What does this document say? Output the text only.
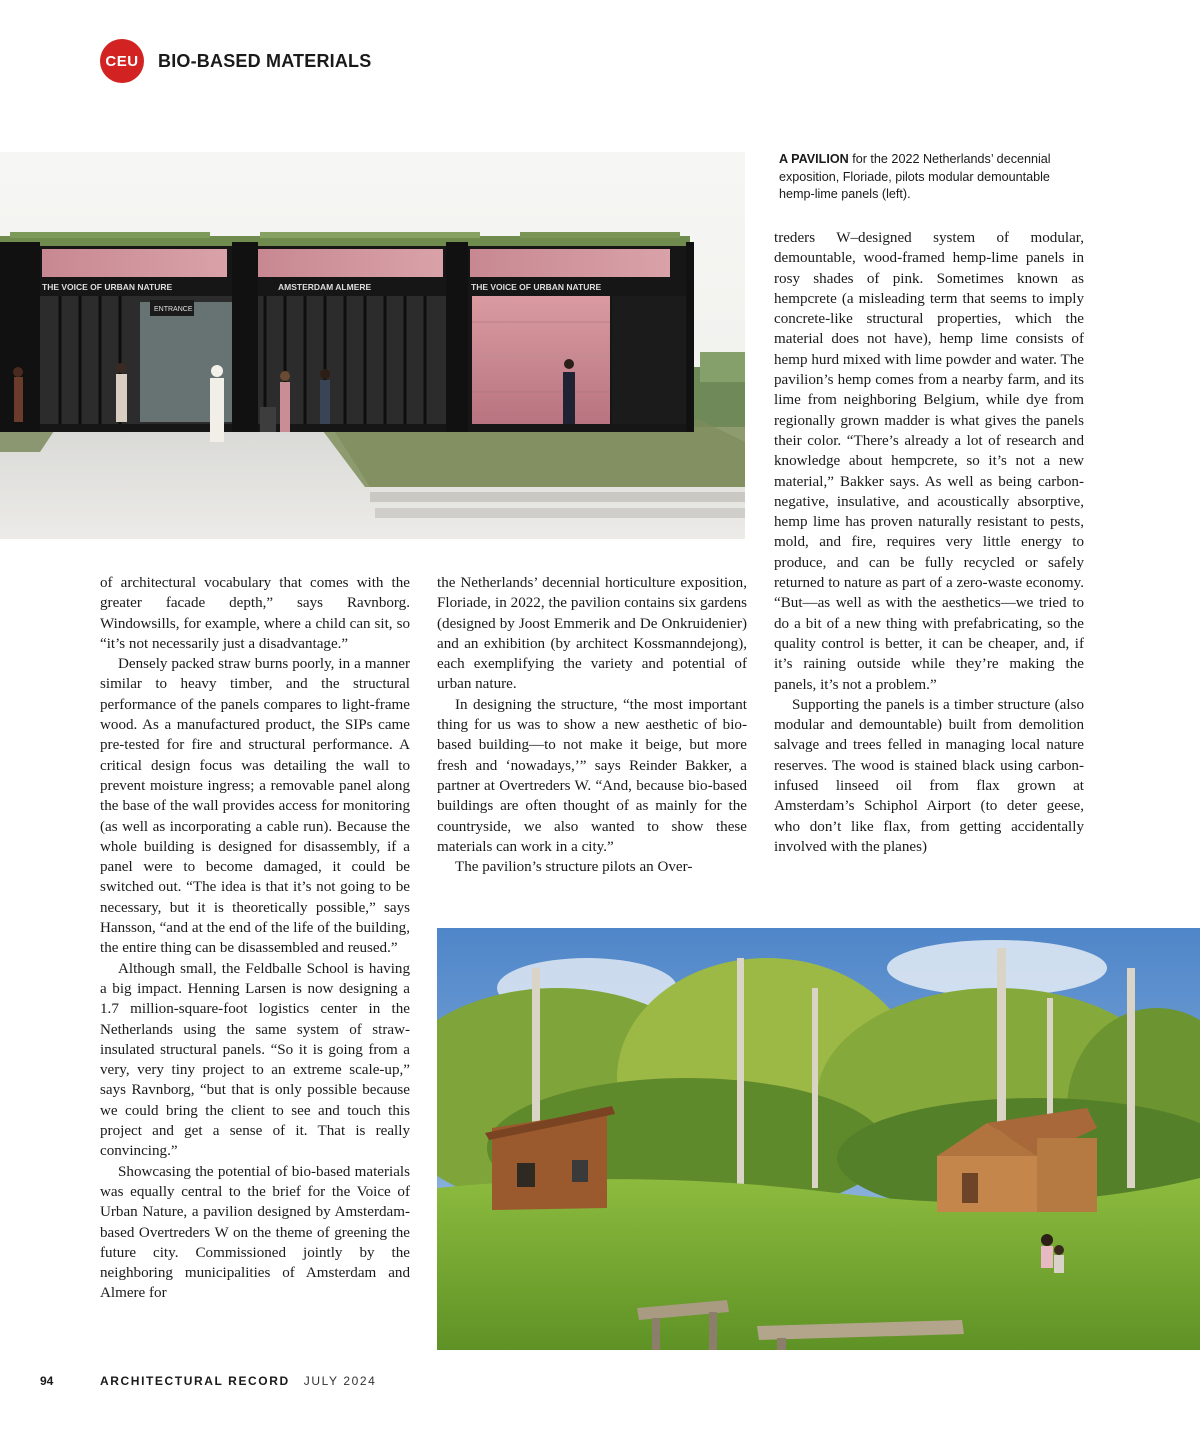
CEU	BIO-BASED MATERIALS
A PAVILION for the 2022 Netherlands’ decennial exposition, Floriade, pilots modular demountable hemp-lime panels (left).
THE VOICE OF URBAN NATURE	AMSTERDAM ALMERE	THE VOICE OF URBAN NATURE
ENTRANCE

of architectural vocabulary that comes with the greater facade depth,” says Ravnborg. Windowsills, for example, where a child can sit, so “it’s not necessarily just a disadvantage.”

Densely packed straw burns poorly, in a manner similar to heavy timber, and the structural performance of the panels compares to light-frame wood. As a manufactured product, the SIPs came pre-tested for fire and structural performance. A critical design focus was detailing the wall to prevent moisture ingress; a removable panel along the base of the wall provides access for monitoring (as well as incorporating a cable run). Because the whole building is designed for disassembly, if a panel were to become damaged, it could be switched out. “The idea is that it’s not going to be necessary, but it is theoretically possible,” says Hansson, “and at the end of the life of the building, the entire thing can be disassembled and reused.”

Although small, the Feldballe School is having a big impact. Henning Larsen is now designing a 1.7 million-square-foot logistics center in the Netherlands using the same system of straw-insulated structural panels. “So it is going from a very, very tiny project to an extreme scale-up,” says Ravnborg, “but that is only possible because we could bring the client to see and touch this project and get a sense of it. That is really convincing.”

Showcasing the potential of bio-based materials was equally central to the brief for the Voice of Urban Nature, a pavilion designed by Amsterdam-based Overtreders W on the theme of greening the future city. Commissioned jointly by the neighboring municipalities of Amsterdam and Almere for

the Netherlands’ decennial horticulture exposition, Floriade, in 2022, the pavilion contains six gardens (designed by Joost Emmerik and De Onkruidenier) and an exhibition (by architect Kossmanndejong), each exemplifying the variety and potential of urban nature.

In designing the structure, “the most important thing for us was to show a new aesthetic of bio-based building—to not make it beige, but more fresh and ‘nowadays,’” says Reinder Bakker, a partner at Overtreders W. “And, because bio-based buildings are often thought of as mainly for the countryside, we also wanted to show these materials can work in a city.”

The pavilion’s structure pilots an Over-

treders W–designed system of modular, demountable, wood-framed hemp-lime panels in rosy shades of pink. Sometimes known as hempcrete (a misleading term that seems to imply concrete-like structural properties, which the material does not have), hemp lime consists of hemp hurd mixed with lime powder and water. The pavilion’s hemp comes from a nearby farm, and its lime from neighboring Belgium, while dye from regionally grown madder is what gives the panels their color. “There’s already a lot of research and knowledge about hempcrete, so it’s not a new material,” Bakker says. As well as being carbon-negative, insulative, and acoustically absorptive, hemp lime has proven naturally resistant to pests, mold, and fire, requires very little energy to produce, and can be fully recycled or safely returned to nature as part of a zero-waste economy. “But—as well as with the aesthetics—we tried to do a bit of a new thing with prefabricating, so the quality control is better, it can be cheaper, and, if it’s raining outside while they’re making the panels, it’s not a problem.”

Supporting the panels is a timber structure (also modular and demountable) built from demolition salvage and trees felled in managing local nature reserves. The wood is stained black using carbon-infused linseed oil from flax grown at Amsterdam’s Schiphol Airport (to deter geese, who don’t like flax, from getting accidentally involved with the planes)

94	ARCHITECTURAL RECORD JULY 2024
